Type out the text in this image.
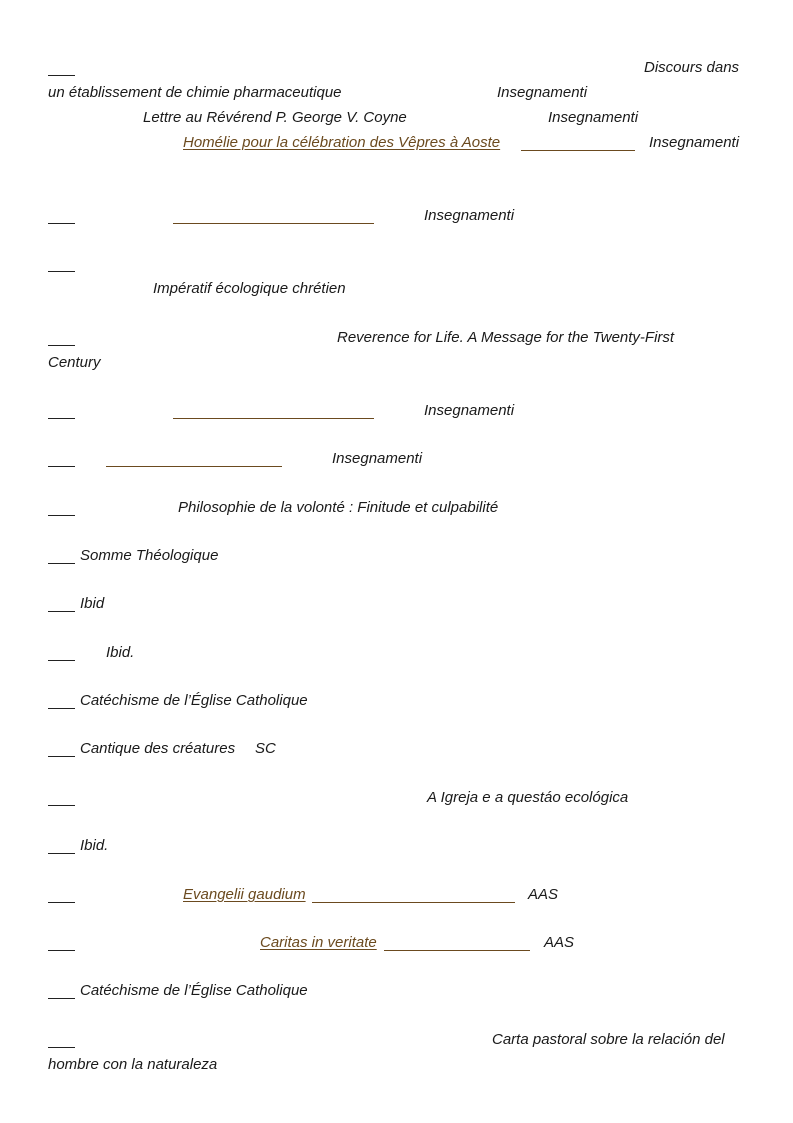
Discours dans
un établissement de chimie pharmaceutique	Insegnamenti
Lettre au Révérend P. George V. Coyne	Insegnamenti
Homélie pour la célébration des Vêpres à Aoste	Insegnamenti
Insegnamenti
Impératif écologique chrétien
Reverence for Life. A Message for the Twenty-First
Century
Insegnamenti
Insegnamenti
Philosophie de la volonté : Finitude et culpabilité
Somme Théologique
Ibid
Ibid.
Catéchisme de l’Église Catholique
Cantique des créatures SC
A Igreja e a questáo ecológica
Ibid.
Evangelii gaudium	AAS
Caritas in veritate	AAS
Catéchisme de l’Église Catholique
Carta pastoral sobre la relación del
hombre con la naturaleza
